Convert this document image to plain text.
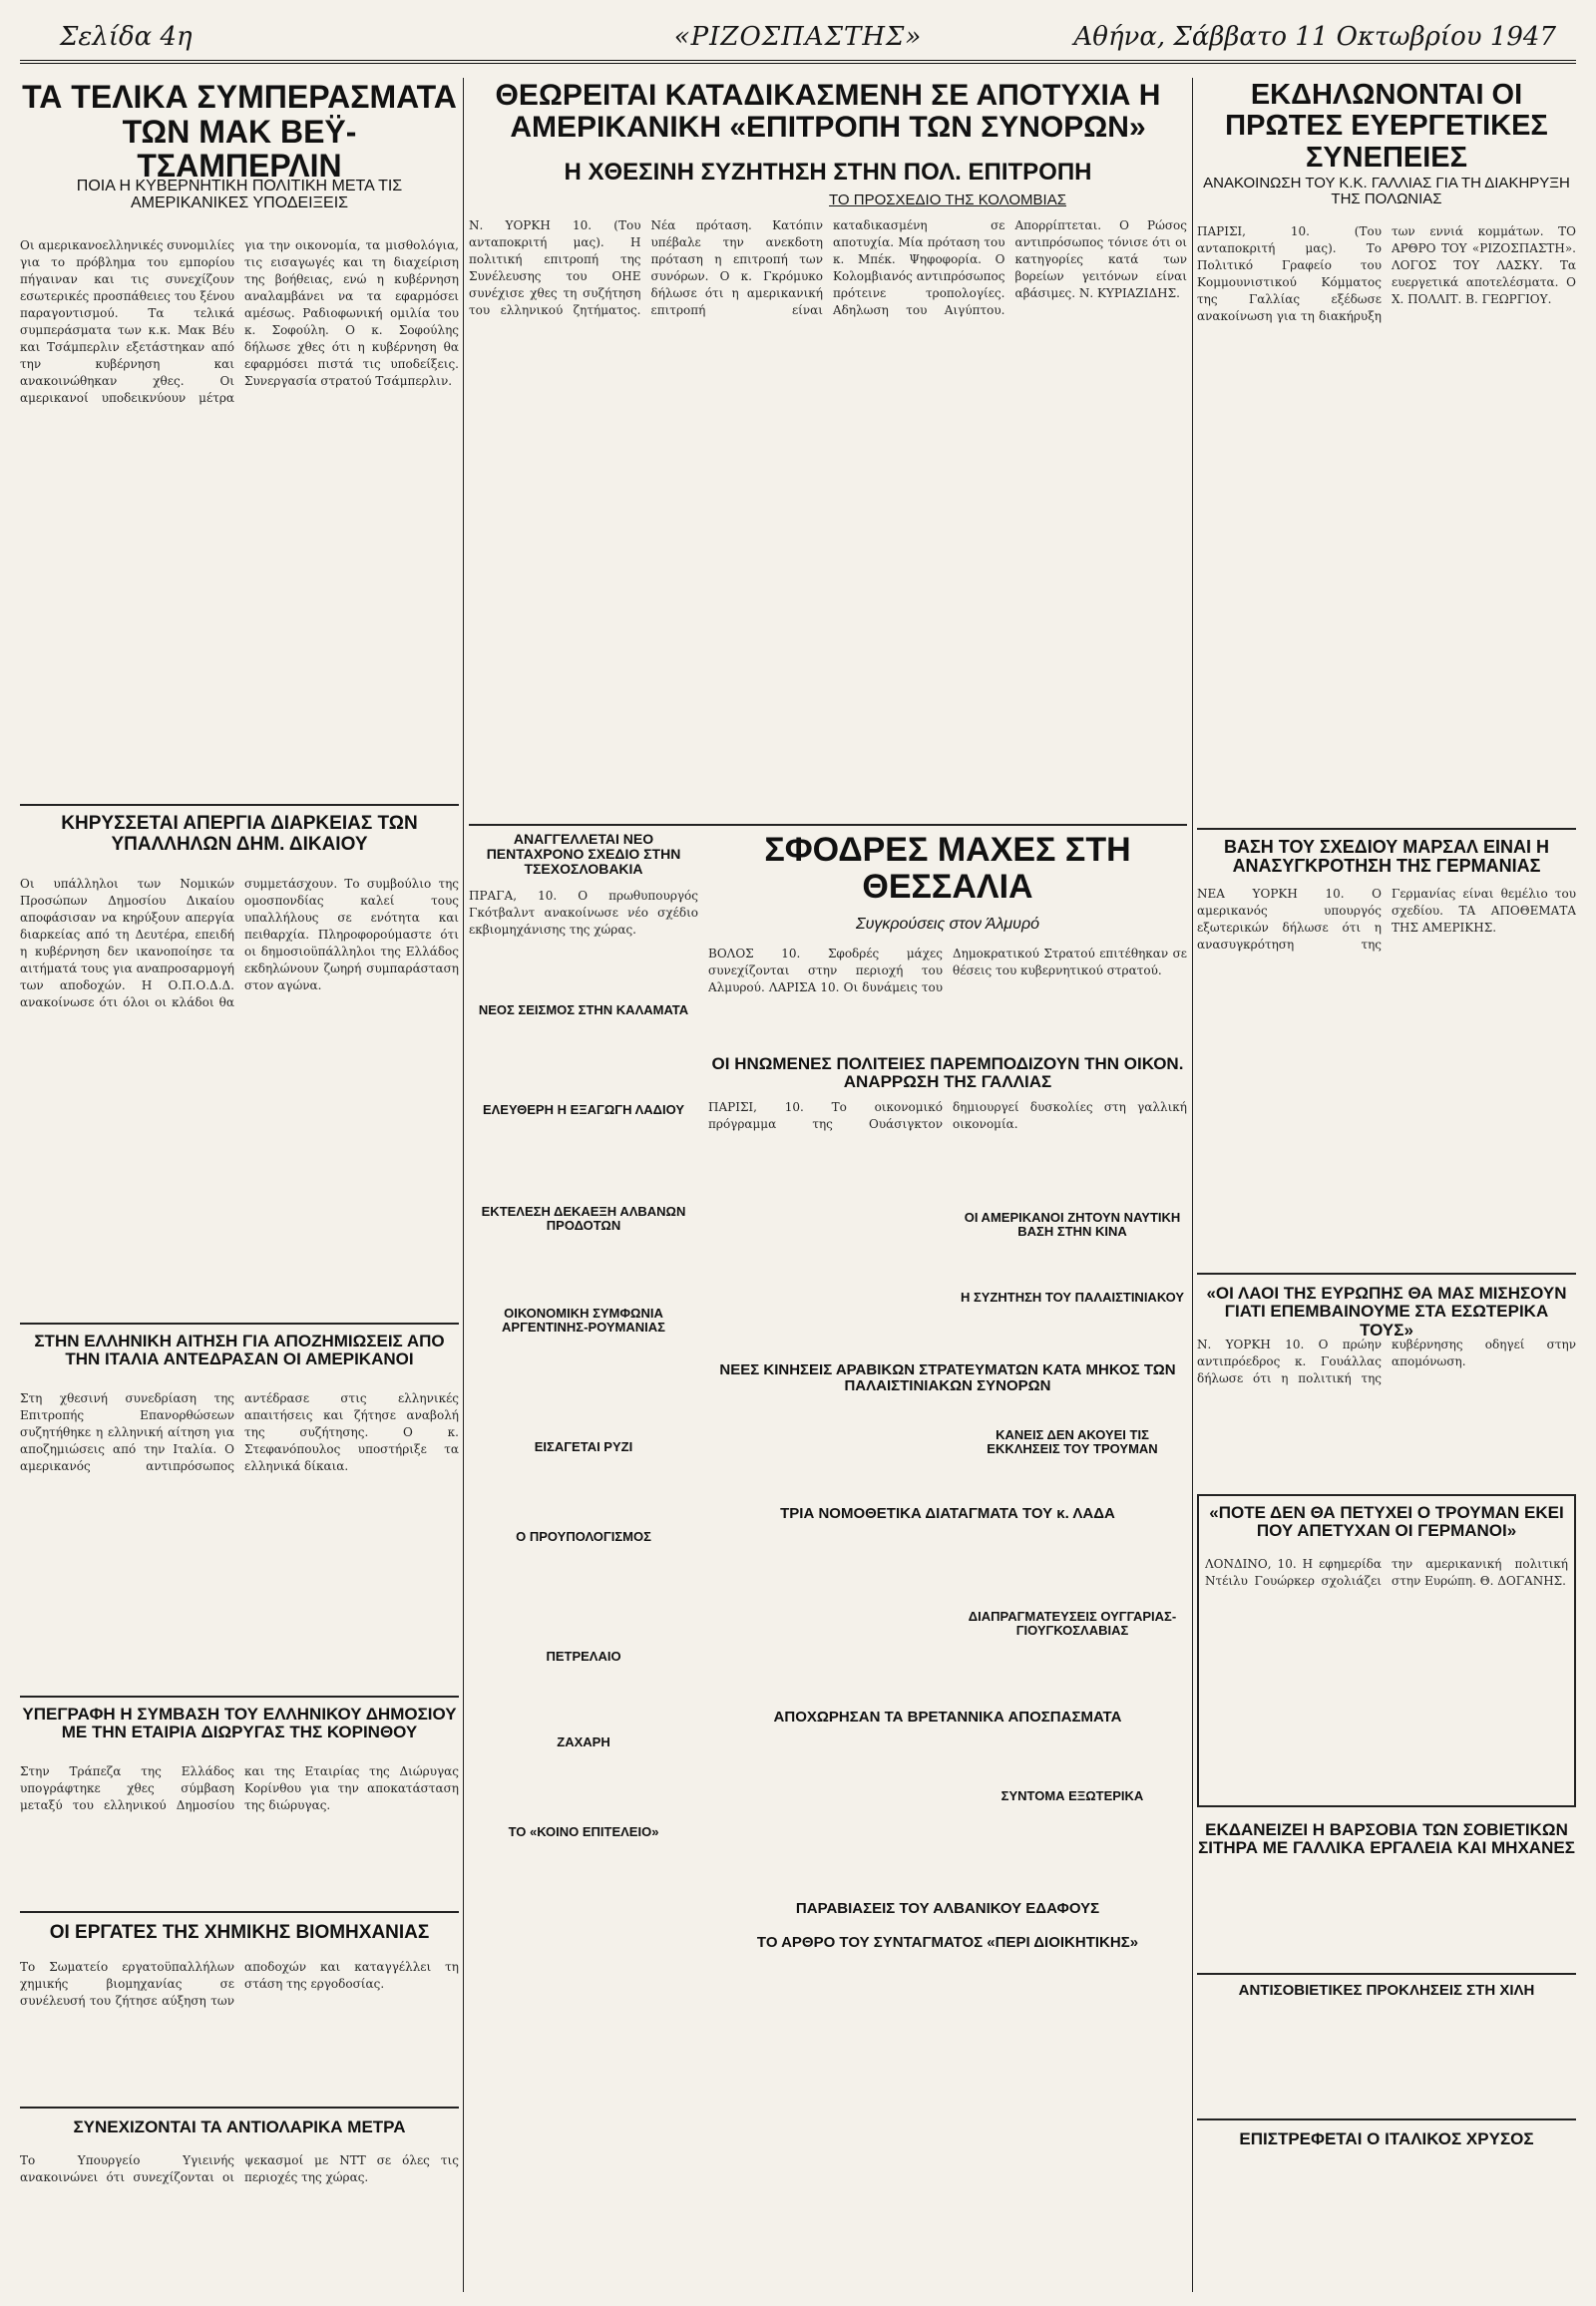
Σελίδα 4η	«ΡΙΖΟΣΠΑΣΤΗΣ»	Αθήνα, Σάββατο 11 Οκτωβρίου 1947
ΤΑ ΤΕΛΙΚΑ ΣΥΜΠΕΡΑΣΜΑΤΑ ΤΩΝ ΜΑΚ ΒΕΫ-ΤΣΑΜΠΕΡΛΙΝ
ΠΟΙΑ Η ΚΥΒΕΡΝΗΤΙΚΗ ΠΟΛΙΤΙΚΗ ΜΕΤΑ ΤΙΣ ΑΜΕΡΙΚΑΝΙΚΕΣ ΥΠΟΔΕΙΞΕΙΣ
Οι αμερικανοελληνικές συνομιλίες για το πρόβλημα του εμπορίου πήγαιναν και τις συνεχίζουν εσωτερικές προσπάθειες του ξένου παραγοντισμού. Τα τελικά συμπεράσματα των κ.κ. Μακ Βέυ και Τσάμπερλιν εξετάστηκαν από την κυβέρνηση και ανακοινώθηκαν χθες. Οι αμερικανοί υποδεικνύουν μέτρα για την οικονομία, τα μισθολόγια, τις εισαγωγές και τη διαχείριση της βοήθειας, ενώ η κυβέρνηση αναλαμβάνει να τα εφαρμόσει αμέσως. Ραδιοφωνική ομιλία του κ. Σοφούλη. Ο κ. Σοφούλης δήλωσε χθες ότι η κυβέρνηση θα εφαρμόσει πιστά τις υποδείξεις. Συνεργασία στρατού Τσάμπερλιν.
ΚΗΡΥΣΣΕΤΑΙ ΑΠΕΡΓΙΑ ΔΙΑΡΚΕΙΑΣ ΤΩΝ ΥΠΑΛΛΗΛΩΝ ΔΗΜ. ΔΙΚΑΙΟΥ
Οι υπάλληλοι των Νομικών Προσώπων Δημοσίου Δικαίου αποφάσισαν να κηρύξουν απεργία διαρκείας από τη Δευτέρα, επειδή η κυβέρνηση δεν ικανοποίησε τα αιτήματά τους για αναπροσαρμογή των αποδοχών. Η Ο.Π.Ο.Δ.Δ. ανακοίνωσε ότι όλοι οι κλάδοι θα συμμετάσχουν. Το συμβούλιο της ομοσπονδίας καλεί τους υπαλλήλους σε ενότητα και πειθαρχία. Πληροφορούμαστε ότι οι δημοσιοϋπάλληλοι της Ελλάδος εκδηλώνουν ζωηρή συμπαράσταση στον αγώνα.
ΣΤΗΝ ΕΛΛΗΝΙΚΗ ΑΙΤΗΣΗ ΓΙΑ ΑΠΟΖΗΜΙΩΣΕΙΣ ΑΠΟ ΤΗΝ ΙΤΑΛΙΑ ΑΝΤΕΔΡΑΣΑΝ ΟΙ ΑΜΕΡΙΚΑΝΟΙ
Στη χθεσινή συνεδρίαση της Επιτροπής Επανορθώσεων συζητήθηκε η ελληνική αίτηση για αποζημιώσεις από την Ιταλία. Ο αμερικανός αντιπρόσωπος αντέδρασε στις ελληνικές απαιτήσεις και ζήτησε αναβολή της συζήτησης. Ο κ. Στεφανόπουλος υποστήριξε τα ελληνικά δίκαια.
ΥΠΕΓΡΑΦΗ Η ΣΥΜΒΑΣΗ ΤΟΥ ΕΛΛΗΝΙΚΟΥ ΔΗΜΟΣΙΟΥ ΜΕ ΤΗΝ ΕΤΑΙΡΙΑ ΔΙΩΡΥΓΑΣ ΤΗΣ ΚΟΡΙΝΘΟΥ
Στην Τράπεζα της Ελλάδος υπογράφτηκε χθες σύμβαση μεταξύ του ελληνικού Δημοσίου και της Εταιρίας της Διώρυγας Κορίνθου για την αποκατάσταση της διώρυγας.
ΟΙ ΕΡΓΑΤΕΣ ΤΗΣ ΧΗΜΙΚΗΣ ΒΙΟΜΗΧΑΝΙΑΣ
Το Σωματείο εργατοϋπαλλήλων χημικής βιομηχανίας σε συνέλευσή του ζήτησε αύξηση των αποδοχών και καταγγέλλει τη στάση της εργοδοσίας.
ΣΥΝΕΧΙΖΟΝΤΑΙ ΤΑ ΑΝΤΙΟΛΑΡΙΚΑ ΜΕΤΡΑ
Το Υπουργείο Υγιεινής ανακοινώνει ότι συνεχίζονται οι ψεκασμοί με ΝΤΤ σε όλες τις περιοχές της χώρας.
ΘΕΩΡΕΙΤΑΙ ΚΑΤΑΔΙΚΑΣΜΕΝΗ ΣΕ ΑΠΟΤΥΧΙΑ Η ΑΜΕΡΙΚΑΝΙΚΗ «ΕΠΙΤΡΟΠΗ ΤΩΝ ΣΥΝΟΡΩΝ»
Η ΧΘΕΣΙΝΗ ΣΥΖΗΤΗΣΗ ΣΤΗΝ ΠΟΛ. ΕΠΙΤΡΟΠΗ
ΤΟ ΠΡΟΣΧΕΔΙΟ ΤΗΣ ΚΟΛΟΜΒΙΑΣ
Ν. ΥΟΡΚΗ 10. (Του ανταποκριτή μας). Η πολιτική επιτροπή της Συνέλευσης του ΟΗΕ συνέχισε χθες τη συζήτηση του ελληνικού ζητήματος. Νέα πρόταση. Κατόπιν υπέβαλε την ανεκδοτη πρόταση η επιτροπή των συνόρων. Ο κ. Γκρόμυκο δήλωσε ότι η αμερικανική επιτροπή είναι καταδικασμένη σε αποτυχία. Μία πρόταση του κ. Μπέκ. Ψηφοφορία. Ο Κολομβιανός αντιπρόσωπος πρότεινε τροπολογίες. Αδηλωση του Αιγύπτου. Απορρίπτεται. Ο Ρώσος αντιπρόσωπος τόνισε ότι οι κατηγορίες κατά των βορείων γειτόνων είναι αβάσιμες. Ν. ΚΥΡΙΑΖΙΔΗΣ.
ΑΝΑΓΓΕΛΛΕΤΑΙ ΝΕΟ ΠΕΝΤΑΧΡΟΝΟ ΣΧΕΔΙΟ ΣΤΗΝ ΤΣΕΧΟΣΛΟΒΑΚΙΑ
ΠΡΑΓΑ, 10. Ο πρωθυπουργός Γκότβαλντ ανακοίνωσε νέο σχέδιο εκβιομηχάνισης της χώρας.
ΝΕΟΣ ΣΕΙΣΜΟΣ ΣΤΗΝ ΚΑΛΑΜΑΤΑ
ΕΛΕΥΘΕΡΗ Η ΕΞΑΓΩΓΗ ΛΑΔΙΟΥ
ΕΚΤΕΛΕΣΗ ΔΕΚΑΕΞΗ ΑΛΒΑΝΩΝ ΠΡΟΔΟΤΩΝ
ΟΙΚΟΝΟΜΙΚΗ ΣΥΜΦΩΝΙΑ ΑΡΓΕΝΤΙΝΗΣ-ΡΟΥΜΑΝΙΑΣ
ΕΙΣΑΓΕΤΑΙ ΡΥΖΙ
Ο ΠΡΟΥΠΟΛΟΓΙΣΜΟΣ
ΠΕΤΡΕΛΑΙΟ
ΖΑΧΑΡΗ
ΤΟ «ΚΟΙΝΟ ΕΠΙΤΕΛΕΙΟ»
ΣΦΟΔΡΕΣ ΜΑΧΕΣ ΣΤΗ ΘΕΣΣΑΛΙΑ
Συγκρούσεις στον Άλμυρό
ΒΟΛΟΣ 10. Σφοδρές μάχες συνεχίζονται στην περιοχή του Αλμυρού. ΛΑΡΙΣΑ 10. Οι δυνάμεις του Δημοκρατικού Στρατού επιτέθηκαν σε θέσεις του κυβερνητικού στρατού.
ΟΙ ΗΝΩΜΕΝΕΣ ΠΟΛΙΤΕΙΕΣ ΠΑΡΕΜΠΟΔΙΖΟΥΝ ΤΗΝ ΟΙΚΟΝ. ΑΝΑΡΡΩΣΗ ΤΗΣ ΓΑΛΛΙΑΣ
ΠΑΡΙΣΙ, 10. Το οικονομικό πρόγραμμα της Ουάσιγκτον δημιουργεί δυσκολίες στη γαλλική οικονομία.
ΝΕΕΣ ΚΙΝΗΣΕΙΣ ΑΡΑΒΙΚΩΝ ΣΤΡΑΤΕΥΜΑΤΩΝ ΚΑΤΑ ΜΗΚΟΣ ΤΩΝ ΠΑΛΑΙΣΤΙΝΙΑΚΩΝ ΣΥΝΟΡΩΝ
ΤΡΙΑ ΝΟΜΟΘΕΤΙΚΑ ΔΙΑΤΑΓΜΑΤΑ ΤΟΥ κ. ΛΑΔΑ
ΑΠΟΧΩΡΗΣΑΝ ΤΑ ΒΡΕΤΑΝΝΙΚΑ ΑΠΟΣΠΑΣΜΑΤΑ
ΠΑΡΑΒΙΑΣΕΙΣ ΤΟΥ ΑΛΒΑΝΙΚΟΥ ΕΔΑΦΟΥΣ
ΤΟ ΑΡΘΡΟ ΤΟΥ ΣΥΝΤΑΓΜΑΤΟΣ «ΠΕΡΙ ΔΙΟΙΚΗΤΙΚΗΣ»
ΟΙ ΑΜΕΡΙΚΑΝΟΙ ΖΗΤΟΥΝ ΝΑΥΤΙΚΗ ΒΑΣΗ ΣΤΗΝ ΚΙΝΑ
Η ΣΥΖΗΤΗΣΗ ΤΟΥ ΠΑΛΑΙΣΤΙΝΙΑΚΟΥ
ΚΑΝΕΙΣ ΔΕΝ ΑΚΟΥΕΙ ΤΙΣ ΕΚΚΛΗΣΕΙΣ ΤΟΥ ΤΡΟΥΜΑΝ
ΔΙΑΠΡΑΓΜΑΤΕΥΣΕΙΣ ΟΥΓΓΑΡΙΑΣ-ΓΙΟΥΓΚΟΣΛΑΒΙΑΣ
ΣΥΝΤΟΜΑ ΕΞΩΤΕΡΙΚΑ
ΕΚΔΗΛΩΝΟΝΤΑΙ ΟΙ ΠΡΩΤΕΣ ΕΥΕΡΓΕΤΙΚΕΣ ΣΥΝΕΠΕΙΕΣ
ΑΝΑΚΟΙΝΩΣΗ ΤΟΥ Κ.Κ. ΓΑΛΛΙΑΣ ΓΙΑ ΤΗ ΔΙΑΚΗΡΥΞΗ ΤΗΣ ΠΟΛΩΝΙΑΣ
ΠΑΡΙΣΙ, 10. (Του ανταποκριτή μας). Το Πολιτικό Γραφείο του Κομμουνιστικού Κόμματος της Γαλλίας εξέδωσε ανακοίνωση για τη διακήρυξη των εννιά κομμάτων. ΤΟ ΑΡΘΡΟ ΤΟΥ «ΡΙΖΟΣΠΑΣΤΗ». ΛΟΓΟΣ ΤΟΥ ΛΑΣΚΥ. Τα ευεργετικά αποτελέσματα. Ο Χ. ΠΟΛΛΙΤ. Β. ΓΕΩΡΓΙΟΥ.
ΒΑΣΗ ΤΟΥ ΣΧΕΔΙΟΥ ΜΑΡΣΑΛ ΕΙΝΑΙ Η ΑΝΑΣΥΓΚΡΟΤΗΣΗ ΤΗΣ ΓΕΡΜΑΝΙΑΣ
ΝΕΑ ΥΟΡΚΗ 10. Ο αμερικανός υπουργός εξωτερικών δήλωσε ότι η ανασυγκρότηση της Γερμανίας είναι θεμέλιο του σχεδίου. ΤΑ ΑΠΟΘΕΜΑΤΑ ΤΗΣ ΑΜΕΡΙΚΗΣ.
«ΟΙ ΛΑΟΙ ΤΗΣ ΕΥΡΩΠΗΣ ΘΑ ΜΑΣ ΜΙΣΗΣΟΥΝ ΓΙΑΤΙ ΕΠΕΜΒΑΙΝΟΥΜΕ ΣΤΑ ΕΣΩΤΕΡΙΚΑ ΤΟΥΣ»
Ν. ΥΟΡΚΗ 10. Ο πρώην αντιπρόεδρος κ. Γουάλλας δήλωσε ότι η πολιτική της κυβέρνησης οδηγεί στην απομόνωση.
«ΠΟΤΕ ΔΕΝ ΘΑ ΠΕΤΥΧΕΙ Ο ΤΡΟΥΜΑΝ ΕΚΕΙ ΠΟΥ ΑΠΕΤΥΧΑΝ ΟΙ ΓΕΡΜΑΝΟΙ»
ΛΟΝΔΙΝΟ, 10. Η εφημερίδα Ντέιλυ Γουώρκερ σχολιάζει την αμερικανική πολιτική στην Ευρώπη. Θ. ΔΟΓΑΝΗΣ.
ΕΚΔΑΝΕΙΖΕΙ Η ΒΑΡΣΟΒΙΑ ΤΩΝ ΣΟΒΙΕΤΙΚΩΝ ΣΙΤΗΡΑ ΜΕ ΓΑΛΛΙΚΑ ΕΡΓΑΛΕΙΑ ΚΑΙ ΜΗΧΑΝΕΣ
ΑΝΤΙΣΟΒΙΕΤΙΚΕΣ ΠΡΟΚΛΗΣΕΙΣ ΣΤΗ ΧΙΛΗ
ΕΠΙΣΤΡΕΦΕΤΑΙ Ο ΙΤΑΛΙΚΟΣ ΧΡΥΣΟΣ
